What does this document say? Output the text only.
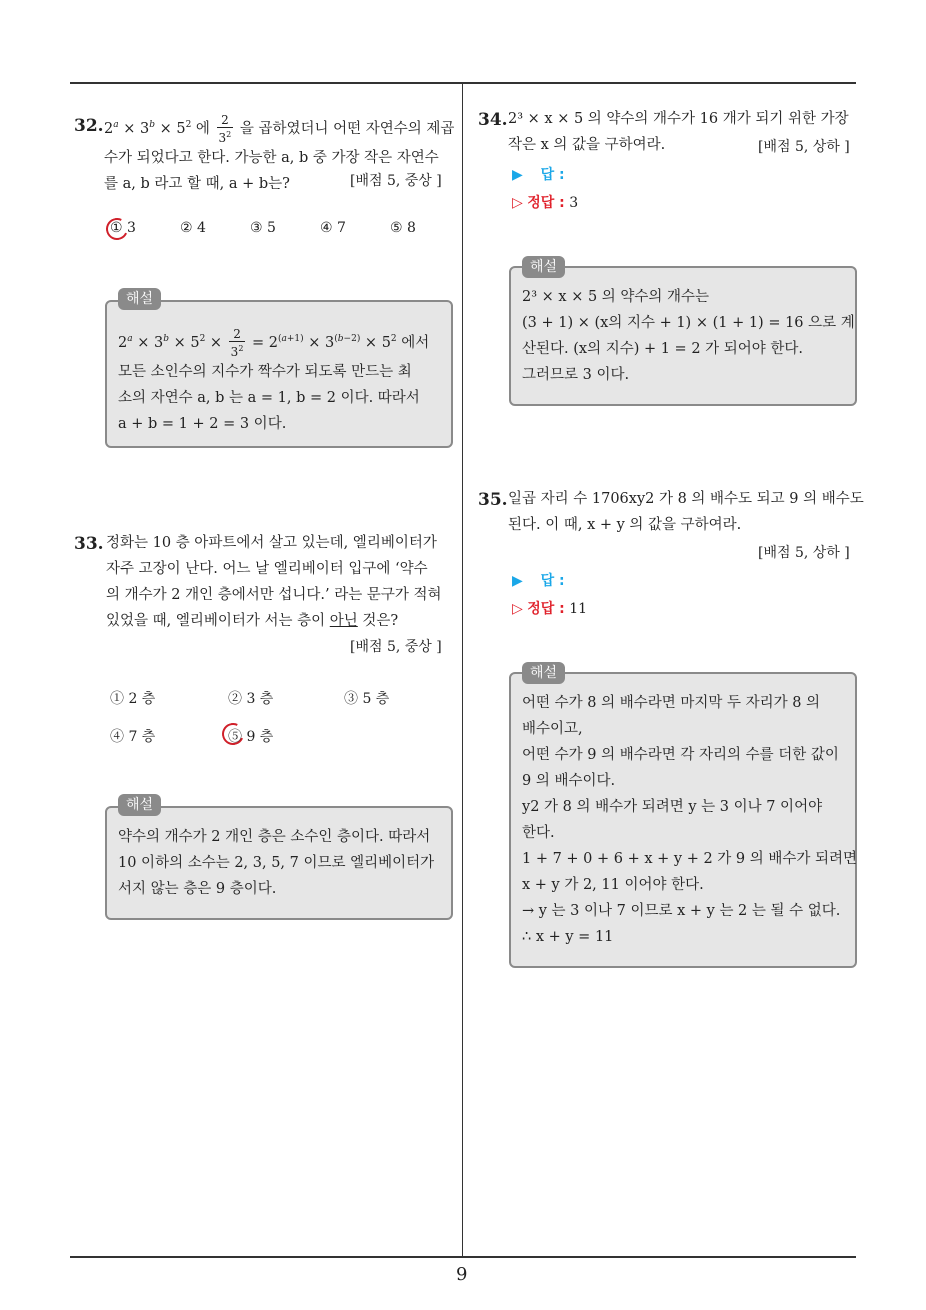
9
32. $2^a \times 3^b \times 5^2$ 에 $\frac{2}{3^2}$ 을 곱하였더니 어떤 자연수의 제곱
수가 되었다고 한다. 가능한 a, b 중 가장 작은 자연수
를 a, b 라고 할 때, a + b는?	[배점 5, 중상 ]
① 3	② 4	③ 5	④ 7	⑤ 8
해설
$2^a \times 3^b \times 5^2 \times \frac{2}{3^2} = 2^{(a+1)} \times 3^{(b-2)} \times 5^2$ 에서
모든 소인수의 지수가 짝수가 되도록 만드는 최
소의 자연수 a, b 는 a = 1, b = 2 이다. 따라서
a + b = 1 + 2 = 3 이다.
33. 정화는 10 층 아파트에서 살고 있는데, 엘리베이터가
자주 고장이 난다. 어느 날 엘리베이터 입구에 ‘약수
의 개수가 2 개인 층에서만 섭니다.’ 라는 문구가 적혀
있었을 때, 엘리베이터가 서는 층이 아닌 것은?
[배점 5, 중상 ]
① 2 층	② 3 층	③ 5 층
④ 7 층	⑤ 9 층
해설
약수의 개수가 2 개인 층은 소수인 층이다. 따라서
10 이하의 소수는 2, 3, 5, 7 이므로 엘리베이터가
서지 않는 층은 9 층이다.
34. 2³ × x × 5 의 약수의 개수가 16 개가 되기 위한 가장
작은 x 의 값을 구하여라.	[배점 5, 상하 ]
▶ 답 :
▷ 정답 : 3
해설
2³ × x × 5 의 약수의 개수는
(3 + 1) × (x의 지수 + 1) × (1 + 1) = 16 으로 계
산된다. (x의 지수) + 1 = 2 가 되어야 한다.
그러므로 3 이다.
35. 일곱 자리 수 1706xy2 가 8 의 배수도 되고 9 의 배수도
된다. 이 때, x + y 의 값을 구하여라.
[배점 5, 상하 ]
▶ 답 :
▷ 정답 : 11
해설
어떤 수가 8 의 배수라면 마지막 두 자리가 8 의
배수이고,
어떤 수가 9 의 배수라면 각 자리의 수를 더한 값이
9 의 배수이다.
y2 가 8 의 배수가 되려면 y 는 3 이나 7 이어야
한다.
1 + 7 + 0 + 6 + x + y + 2 가 9 의 배수가 되려면
x + y 가 2, 11 이어야 한다.
→ y 는 3 이나 7 이므로 x + y 는 2 는 될 수 없다.
∴ x + y = 11
